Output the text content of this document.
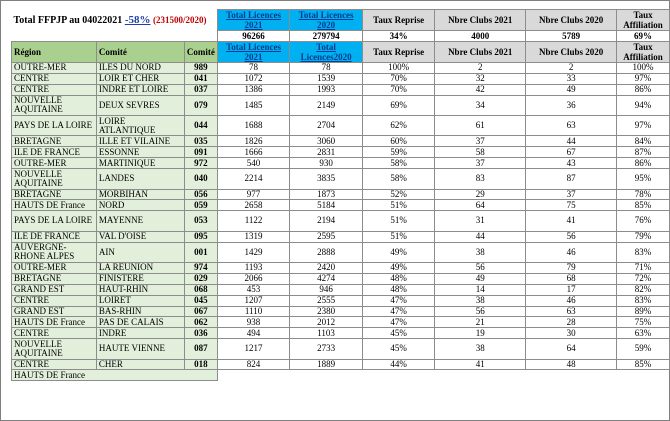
Total FFPJP au 04022021 -58% (231500/2020)			Total Licences 2021	Total Licences 2020	Taux Reprise	Nbre Clubs 2021	Nbre Clubs 2020	Taux Affiliation
			96266	279794	34%	4000	5789	69%
Région	Comité	Comité	Total Licences 2021	Total Licences2020	Taux Reprise	Nbre Clubs 2021	Nbre Clubs 2020	Taux Affiliation
OUTRE-MER	ILES DU NORD	989	78	78	100%	2	2	100%
CENTRE	LOIR ET CHER	041	1072	1539	70%	32	33	97%
CENTRE	INDRE ET LOIRE	037	1386	1993	70%	42	49	86%
NOUVELLE AQUITAINE	DEUX SEVRES	079	1485	2149	69%	34	36	94%
PAYS DE LA LOIRE	LOIRE ATLANTIQUE	044	1688	2704	62%	61	63	97%
BRETAGNE	ILLE ET VILAINE	035	1826	3060	60%	37	44	84%
ILE DE FRANCE	ESSONNE	091	1666	2831	59%	58	67	87%
OUTRE-MER	MARTINIQUE	972	540	930	58%	37	43	86%
NOUVELLE AQUITAINE	LANDES	040	2214	3835	58%	83	87	95%
BRETAGNE	MORBIHAN	056	977	1873	52%	29	37	78%
HAUTS DE France	NORD	059	2658	5184	51%	64	75	85%
PAYS DE LA LOIRE	MAYENNE	053	1122	2194	51%	31	41	76%
ILE DE FRANCE	VAL D'OISE	095	1319	2595	51%	44	56	79%
AUVERGNE-RHONE ALPES	AIN	001	1429	2888	49%	38	46	83%
OUTRE-MER	LA REUNION	974	1193	2420	49%	56	79	71%
BRETAGNE	FINISTERE	029	2066	4274	48%	49	68	72%
GRAND EST	HAUT-RHIN	068	453	946	48%	14	17	82%
CENTRE	LOIRET	045	1207	2555	47%	38	46	83%
GRAND EST	BAS-RHIN	067	1110	2380	47%	56	63	89%
HAUTS DE France	PAS DE CALAIS	062	938	2012	47%	21	28	75%
CENTRE	INDRE	036	494	1103	45%	19	30	63%
NOUVELLE AQUITAINE	HAUTE VIENNE	087	1217	2733	45%	38	64	59%
CENTRE	CHER	018	824	1889	44%	41	48	85%
HAUTS DE France								
